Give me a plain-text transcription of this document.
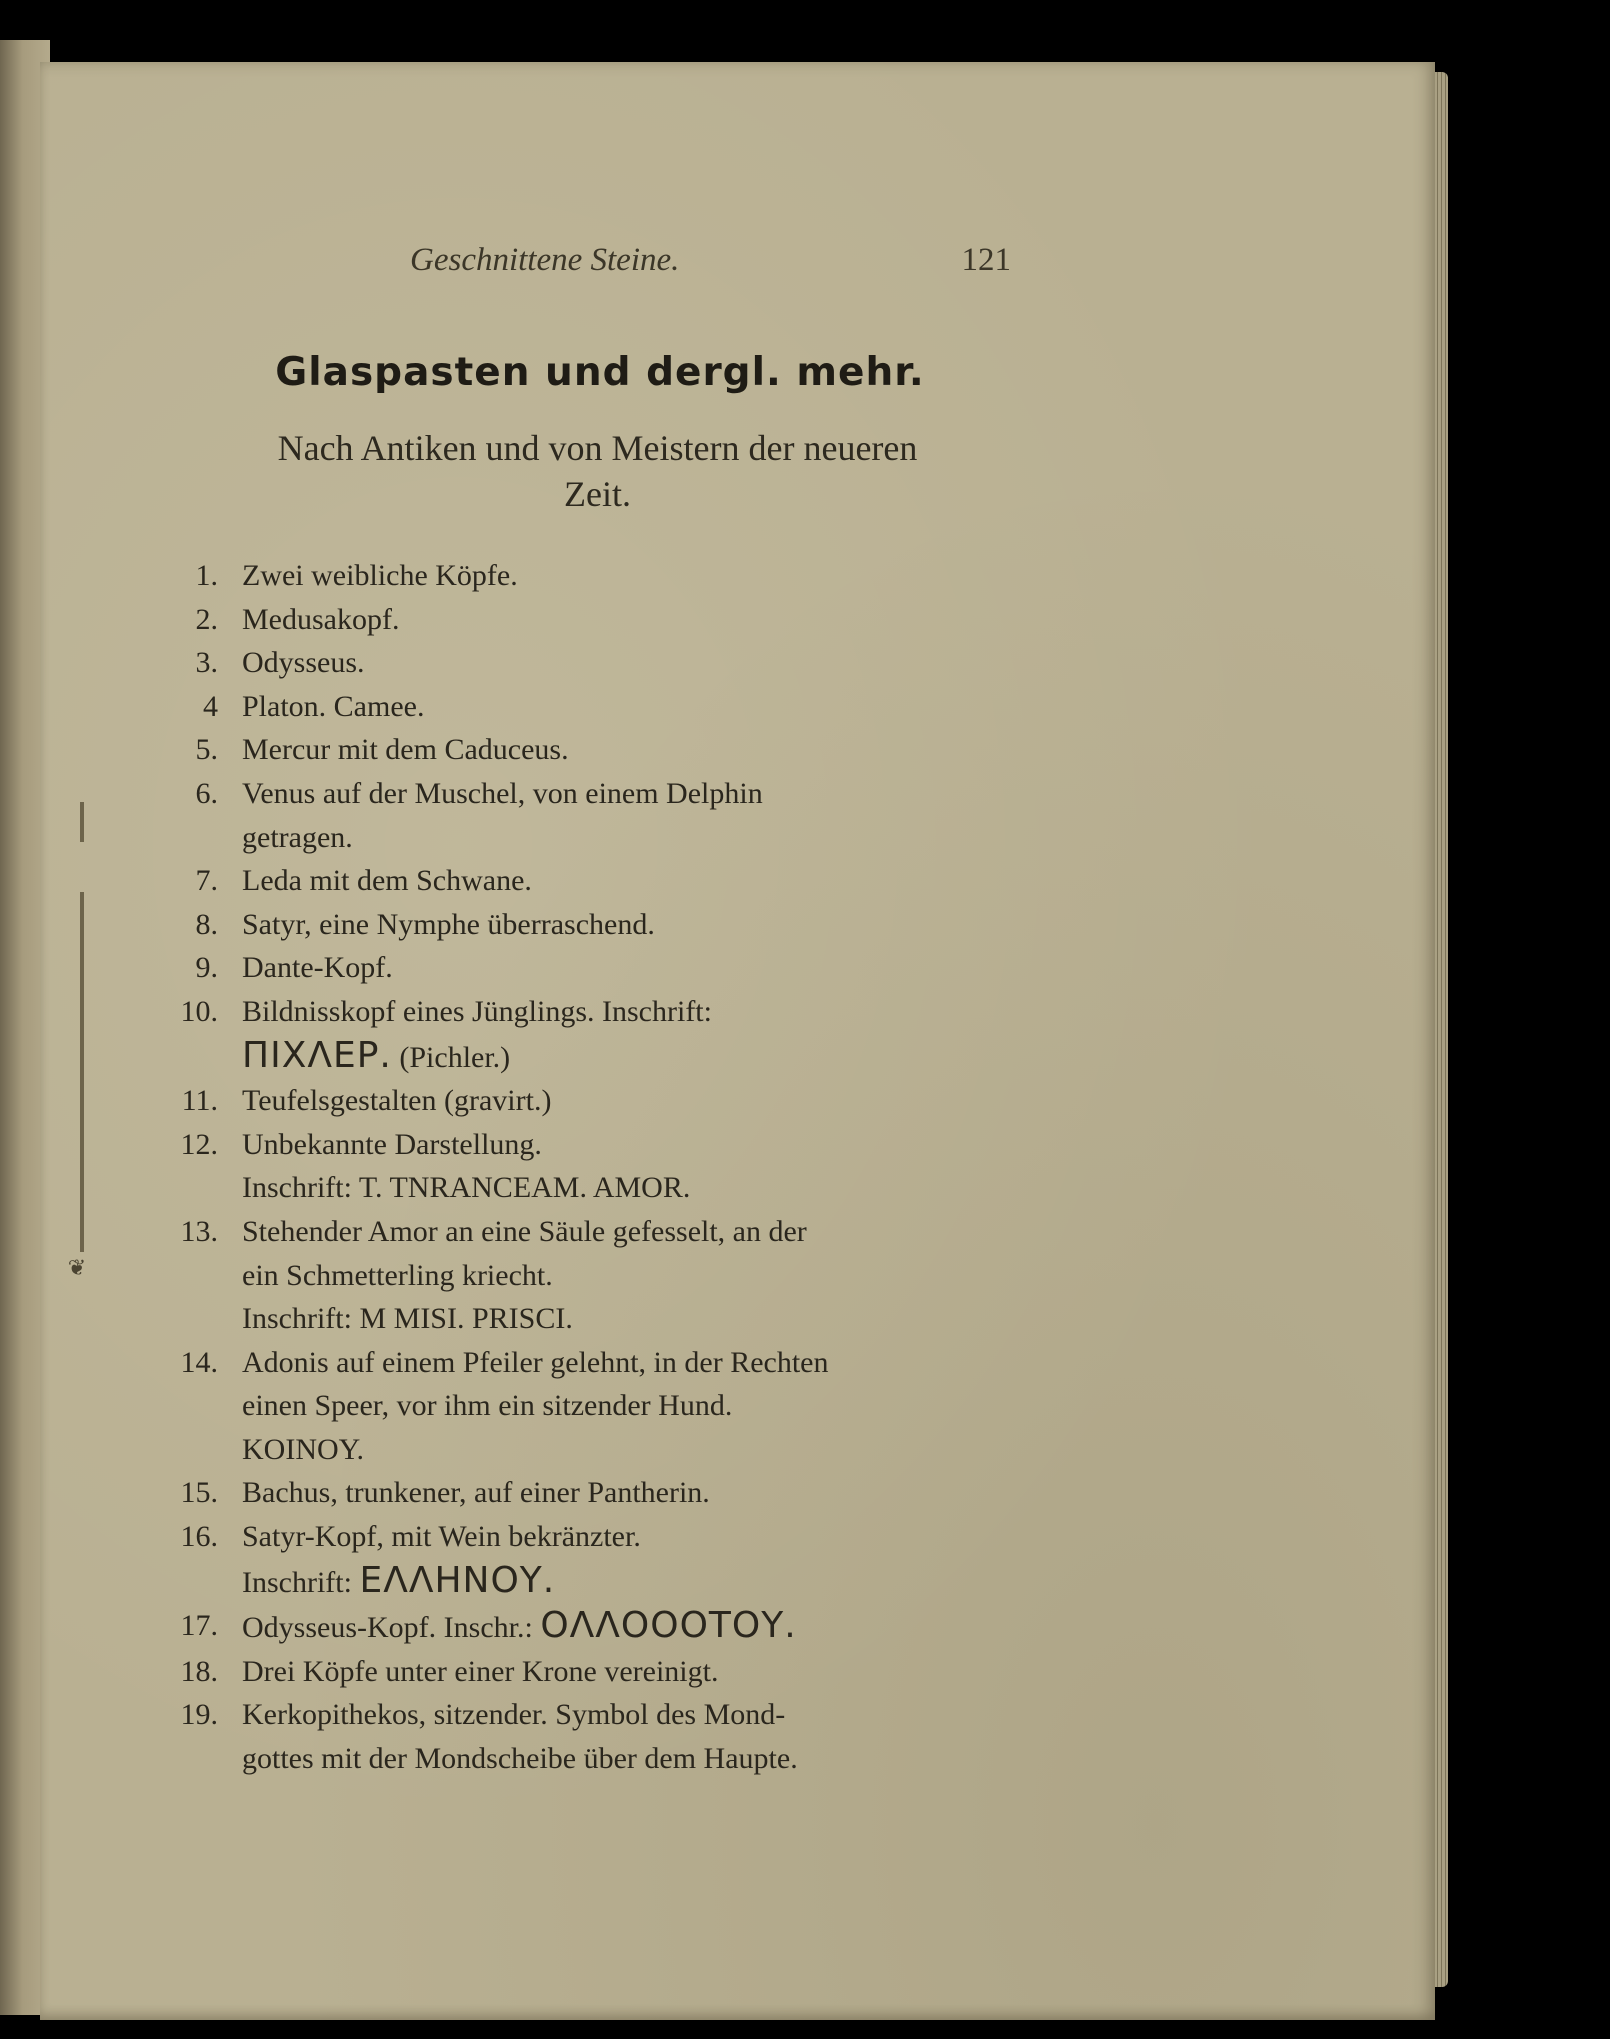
❦
Geschnittene Steine.	121
Glaspasten und dergl. mehr.
Nach Antiken und von Meistern der neueren
Zeit.
1. Zwei weibliche Köpfe.
2. Medusakopf.
3. Odysseus.
4 Platon. Camee.
5. Mercur mit dem Caduceus.
6. Venus auf der Muschel, von einem Delphin
getragen.
7. Leda mit dem Schwane.
8. Satyr, eine Nymphe überraschend.
9. Dante-Kopf.
10. Bildnisskopf eines Jünglings. Inschrift:
ΠΙΧΛΕΡ. (Pichler.)
11. Teufelsgestalten (gravirt.)
12. Unbekannte Darstellung.
Inschrift: T. TNRANCEAM. AMOR.
13. Stehender Amor an eine Säule gefesselt, an der
ein Schmetterling kriecht.
Inschrift: M MISI. PRISCI.
14. Adonis auf einem Pfeiler gelehnt, in der Rechten
einen Speer, vor ihm ein sitzender Hund.
KOINOY.
15. Bachus, trunkener, auf einer Pantherin.
16. Satyr-Kopf, mit Wein bekränzter.
Inschrift: ΕΛΛΗΝΟΥ.
17. Odysseus-Kopf. Inschr.: ΟΛΛΟΟΟΤΟΥ.
18. Drei Köpfe unter einer Krone vereinigt.
19. Kerkopithekos, sitzender. Symbol des Mond-
gottes mit der Mondscheibe über dem Haupte.
